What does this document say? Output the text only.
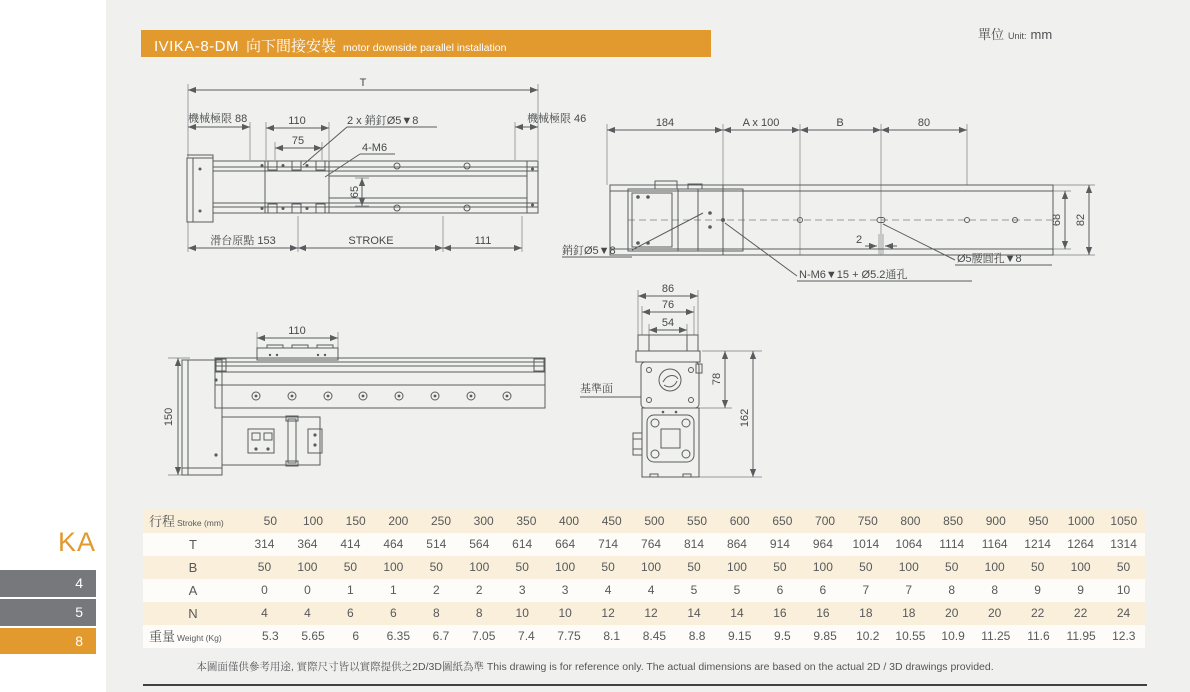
IVIKA-8-DM 向下間接安裝 motor downside parallel installation
單位 Unit: mm
T
機械極限 88	110
75
2 x 銷釘Ø5▼8
4-M6
機械極限 46
滑台原點 153	STROKE	111
65
184	A x 100	B	80
68 82
2
銷釘Ø5▼8
N-M6▼15 + Ø5.2通孔
Ø5腰圓孔▼8
110
150
86
76
54
78
162
基準面
行程 Stroke (mm)	50	100	150	200	250	300	350	400	450	500	550	600	650	700	750	800	850	900	950	1000	1050
T	314	364	414	464	514	564	614	664	714	764	814	864	914	964	1014	1064	1114	1164	1214	1264	1314
B	50	100	50	100	50	100	50	100	50	100	50	100	50	100	50	100	50	100	50	100	50
A	0	0	1	1	2	2	3	3	4	4	5	5	6	6	7	7	8	8	9	9	10
N	4	4	6	6	8	8	10	10	12	12	14	14	16	16	18	18	20	20	22	22	24
重量 Weight (Kg)	5.3	5.65	6	6.35	6.7	7.05	7.4	7.75	8.1	8.45	8.8	9.15	9.5	9.85	10.2	10.55	10.9	11.25	11.6	11.95	12.3
本圖面僅供參考用途, 實際尺寸皆以實際提供之2D/3D圖紙為準 This drawing is for reference only. The actual dimensions are based on the actual 2D / 3D drawings provided.
KA
4
5
8
